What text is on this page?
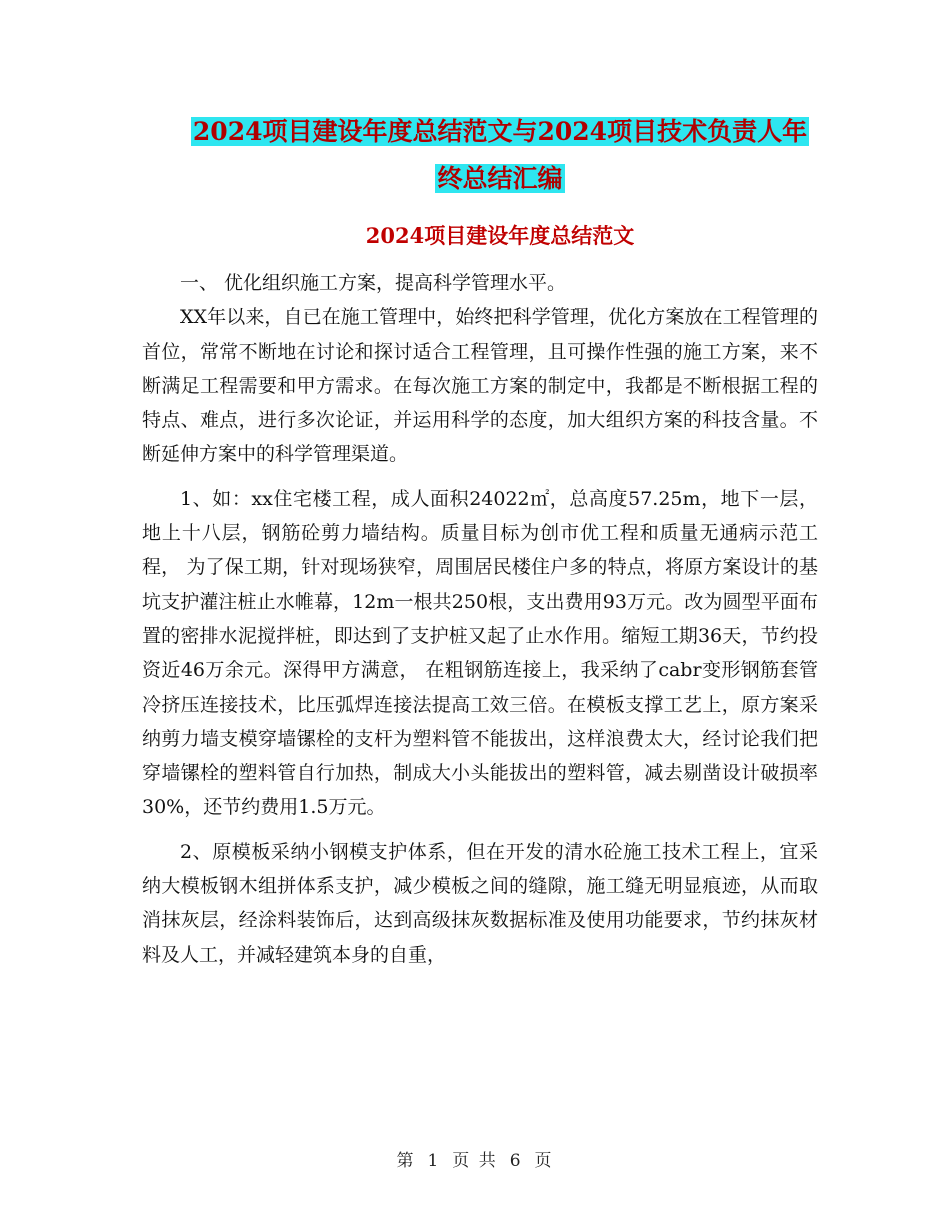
2024项目建设年度总结范文与2024项目技术负责人年
终总结汇编
2024项目建设年度总结范文

一、 优化组织施工方案，提高科学管理水平。

XX年以来，自已在施工管理中，始终把科学管理，优化方案放在工程管理的首位，常常不断地在讨论和探讨适合工程管理，且可操作性强的施工方案，来不断满足工程需要和甲方需求。在每次施工方案的制定中，我都是不断根据工程的特点、难点，进行多次论证，并运用科学的态度，加大组织方案的科技含量。不断延伸方案中的科学管理渠道。

1、如：xx住宅楼工程，成人面积24022㎡，总高度57.25m，地下一层，地上十八层，钢筋砼剪力墙结构。质量目标为创市优工程和质量无通病示范工程， 为了保工期，针对现场狭窄，周围居民楼住户多的特点，将原方案设计的基坑支护灌注桩止水帷幕，12m一根共250根，支出费用93万元。改为圆型平面布置的密排水泥搅拌桩，即达到了支护桩又起了止水作用。缩短工期36天，节约投资近46万余元。深得甲方满意， 在粗钢筋连接上，我采纳了cabr变形钢筋套管冷挤压连接技术，比压弧焊连接法提高工效三倍。在模板支撑工艺上，原方案采纳剪力墙支模穿墙镙栓的支杆为塑料管不能拔出，这样浪费太大，经讨论我们把穿墙镙栓的塑料管自行加热，制成大小头能拔出的塑料管，减去剔凿设计破损率30%，还节约费用1.5万元。

2、原模板采纳小钢模支护体系，但在开发的清水砼施工技术工程上，宜采纳大模板钢木组拼体系支护，减少模板之间的缝隙，施工缝无明显痕迹，从而取消抹灰层，经涂料装饰后，达到高级抹灰数据标准及使用功能要求，节约抹灰材料及人工，并减轻建筑本身的自重，

第 1 页 共 6 页
